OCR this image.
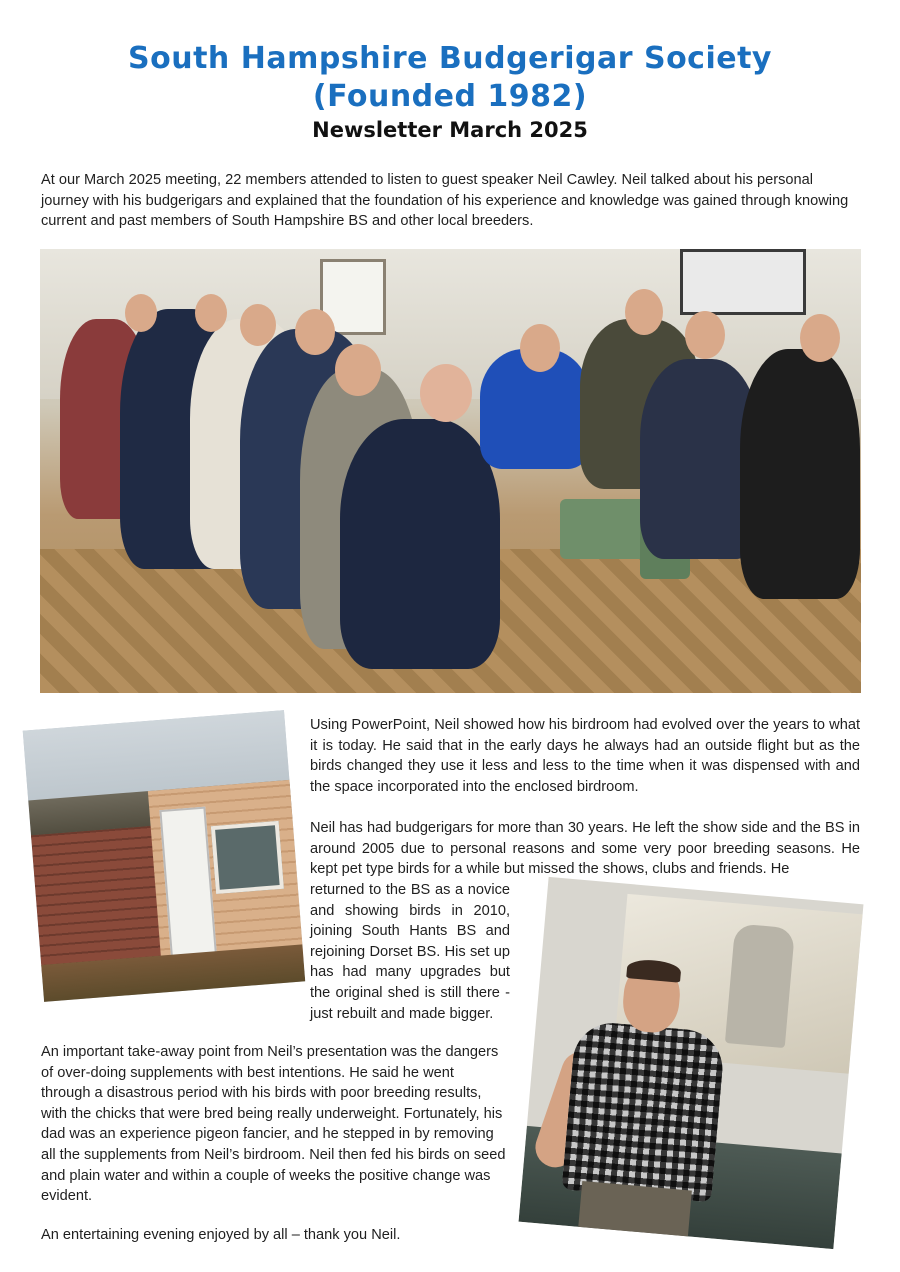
South Hampshire Budgerigar Society
(Founded 1982)
Newsletter March 2025
At our March 2025 meeting, 22 members attended to listen to guest speaker Neil Cawley. Neil talked about his personal journey with his budgerigars and explained that the foundation of his experience and knowledge was gained through knowing current and past members of South Hampshire BS and other local breeders.
Using PowerPoint, Neil showed how his birdroom had evolved over the years to what it is today. He said that in the early days he always had an outside flight but as the birds changed they use it less and less to the time when it was dispensed with and the space incorporated into the enclosed birdroom.
Neil has had budgerigars for more than 30 years. He left the show side and the BS in around 2005 due to personal reasons and some very poor breeding seasons. He kept pet type birds for a while but missed the shows, clubs and friends. He
returned to the BS as a novice and showing birds in 2010, joining South Hants BS and rejoining Dorset BS. His set up has had many upgrades but the original shed is still there - just rebuilt and made bigger.
An important take-away point from Neil’s presentation was the dangers of over-doing supplements with best intentions. He said he went through a disastrous period with his birds with poor breeding results, with the chicks that were bred being really underweight. Fortunately, his dad was an experience pigeon fancier, and he stepped in by removing all the supplements from Neil’s birdroom. Neil then fed his birds on seed and plain water and within a couple of weeks the positive change was evident.
An entertaining evening enjoyed by all – thank you Neil.
